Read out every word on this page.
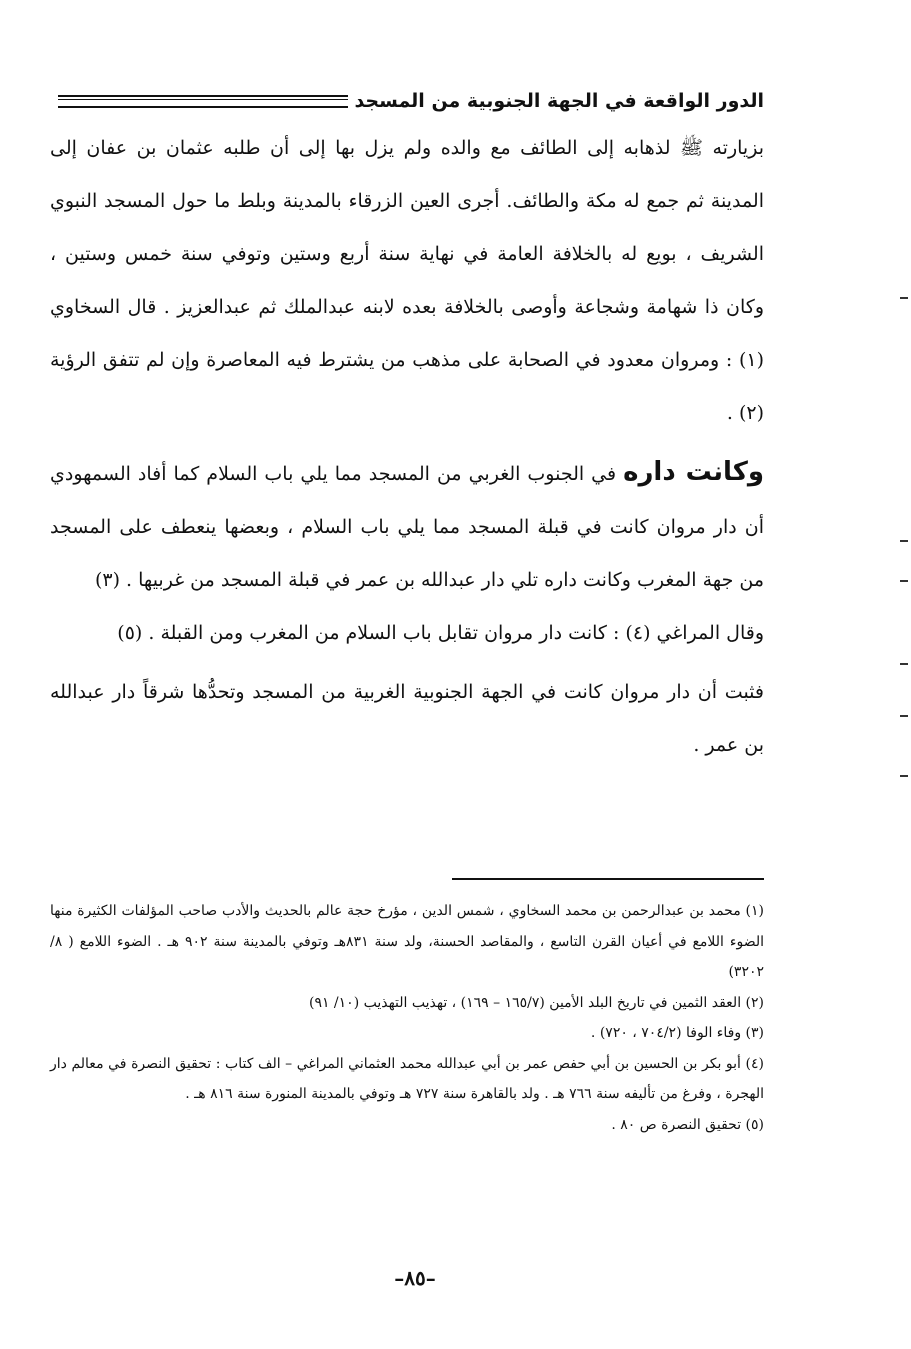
الدور الواقعة في الجهة الجنوبية من المسجد

بزيارته ﷺ لذهابه إلى الطائف مع والده ولم يزل بها إلى أن طلبه عثمان بن عفان إلى المدينة ثم جمع له مكة والطائف. أجرى العين الزرقاء بالمدينة وبلط ما حول المسجد النبوي الشريف ، بويع له بالخلافة العامة في نهاية سنة أربع وستين وتوفي سنة خمس وستين ، وكان ذا شهامة وشجاعة وأوصى بالخلافة بعده لابنه عبدالملك ثم عبدالعزيز . قال السخاوي (١) : ومروان معدود في الصحابة على مذهب من يشترط فيه المعاصرة وإن لم تتفق الرؤية (٢) .

وكانت داره في الجنوب الغربي من المسجد مما يلي باب السلام كما أفاد السمهودي أن دار مروان كانت في قبلة المسجد مما يلي باب السلام ، وبعضها ينعطف على المسجد من جهة المغرب وكانت داره تلي دار عبدالله بن عمر في قبلة المسجد من غربيها . (٣)

وقال المراغي (٤) : كانت دار مروان تقابل باب السلام من المغرب ومن القبلة . (٥)

فثبت أن دار مروان كانت في الجهة الجنوبية الغربية من المسجد وتحدُّها شرقاً دار عبدالله بن عمر .

(١) محمد بن عبدالرحمن بن محمد السخاوي ، شمس الدين ، مؤرخ حجة عالم بالحديث والأدب صاحب المؤلفات الكثيرة منها الضوء اللامع في أعيان القرن التاسع ، والمقاصد الحسنة، ولد سنة ٨٣١هـ وتوفي بالمدينة سنة ٩٠٢ هـ . الضوء اللامع ( ٨/ ٣٢٠٢)

(٢) العقد الثمين في تاريخ البلد الأمين (١٦٥/٧ – ١٦٩) ، تهذيب التهذيب (١٠/ ٩١)

(٣) وفاء الوفا (٧٠٤/٢ ، ٧٢٠) .

(٤) أبو بكر بن الحسين بن أبي حفص عمر بن أبي عبدالله محمد العثماني المراغي – الف كتاب : تحقيق النصرة في معالم دار الهجرة ، وفرغ من تأليفه سنة ٧٦٦ هـ . ولد بالقاهرة سنة ٧٢٧ هـ وتوفي بالمدينة المنورة سنة ٨١٦ هـ .

(٥) تحقيق النصرة ص ٨٠ .

–٨٥–
